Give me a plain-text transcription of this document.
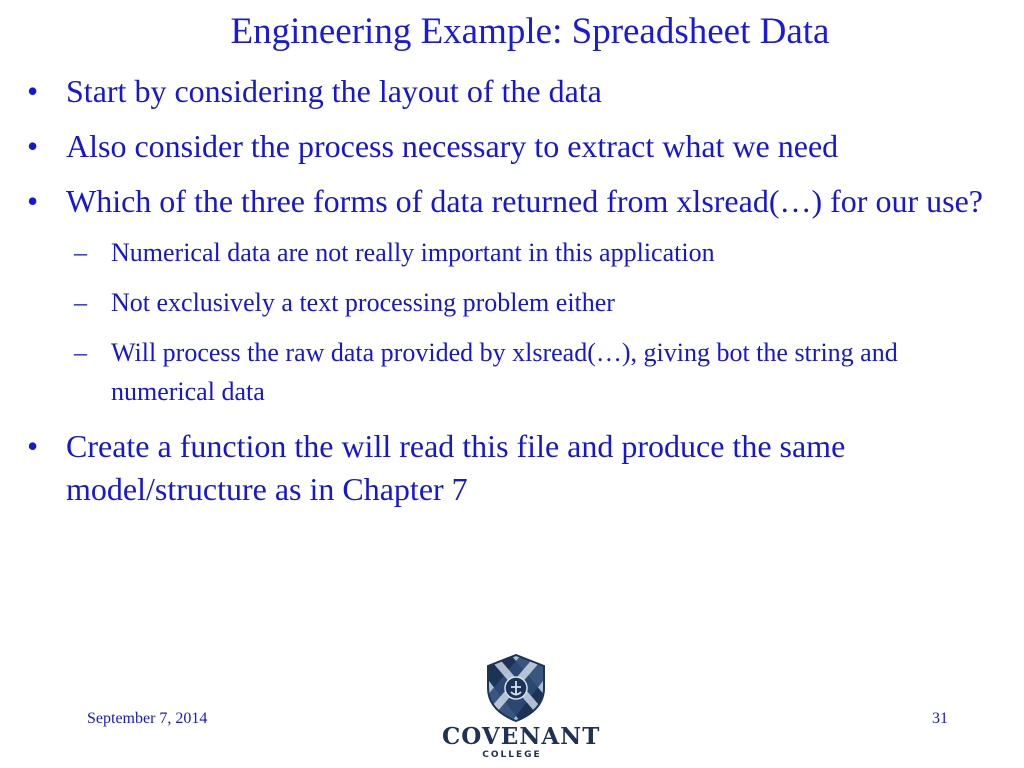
Engineering Example: Spreadsheet Data
• Start by considering the layout of the data
• Also consider the process necessary to extract what we need
• Which of the three forms of data returned from xlsread(…) for our use?
– Numerical data are not really important in this application
– Not exclusively a text processing problem either
– Will process the raw data provided by xlsread(…), giving bot the string and numerical data
• Create a function the will read this file and produce the same model/structure as in Chapter 7
COVENANT
COLLEGE
September 7, 2014	31
